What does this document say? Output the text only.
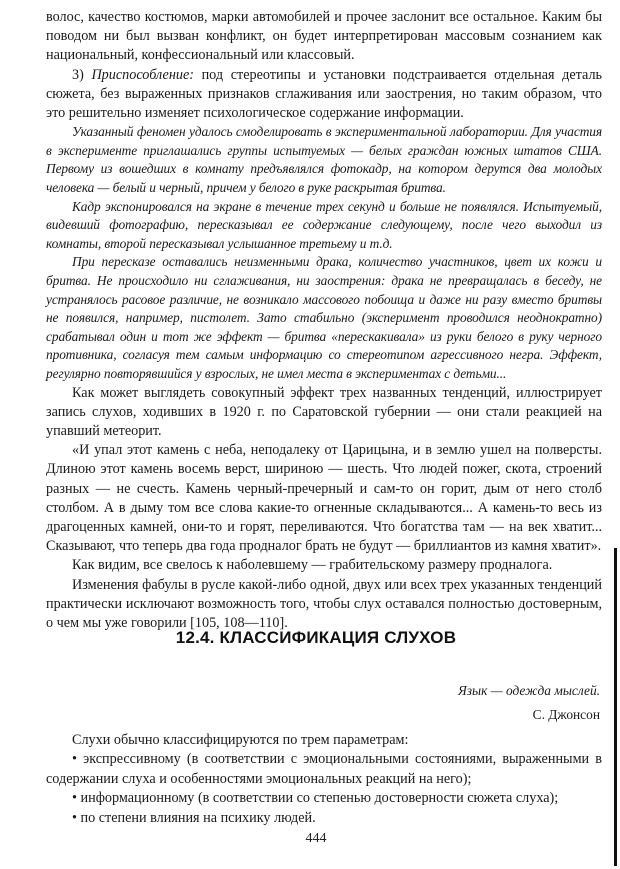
волос, качество костюмов, марки автомобилей и прочее заслонит все остальное. Каким бы поводом ни был вызван конфликт, он будет интерпретирован массовым сознанием как национальный, конфессиональный или классовый.

3) Приспособление: под стереотипы и установки подстраивается отдельная деталь сюжета, без выраженных признаков сглаживания или заострения, но таким образом, что это решительно изменяет психологическое содержание информации.

Указанный феномен удалось смоделировать в экспериментальной лаборатории. Для участия в эксперименте приглашались группы испытуемых — белых граждан южных штатов США. Первому из вошедших в комнату предъявлялся фотокадр, на котором дерутся два молодых человека — белый и черный, причем у белого в руке раскрытая бритва.

Кадр экспонировался на экране в течение трех секунд и больше не появлялся. Испытуемый, видевший фотографию, пересказывал ее содержание следующему, после чего выходил из комнаты, второй пересказывал услышанное третьему и т.д.

При пересказе оставались неизменными драка, количество участников, цвет их кожи и бритва. Не происходило ни сглаживания, ни заострения: драка не превращалась в беседу, не устранялось расовое различие, не возникало массового побоища и даже ни разу вместо бритвы не появился, например, пистолет. Зато стабильно (эксперимент проводился неоднократно) срабатывал один и тот же эффект — бритва «перескакивала» из руки белого в руку черного противника, согласуя тем самым информацию со стереотипом агрессивного негра. Эффект, регулярно повторявшийся у взрослых, не имел места в экспериментах с детьми...

Как может выглядеть совокупный эффект трех названных тенденций, иллюстрирует запись слухов, ходивших в 1920 г. по Саратовской губернии — они стали реакцией на упавший метеорит.

«И упал этот камень с неба, неподалеку от Царицына, и в землю ушел на полверсты. Длиною этот камень восемь верст, шириною — шесть. Что людей пожег, скота, строений разных — не счесть. Камень черный-пречерный и сам-то он горит, дым от него столб столбом. А в дыму том все слова какие-то огненные складываются... А камень-то весь из драгоценных камней, они-то и горят, переливаются. Что богатства там — на век хватит... Сказывают, что теперь два года продналог брать не будут — бриллиантов из камня хватит».

Как видим, все свелось к наболевшему — грабительскому размеру продналога.

Изменения фабулы в русле какой-либо одной, двух или всех трех указанных тенденций практически исключают возможность того, чтобы слух оставался полностью достоверным, о чем мы уже говорили [105, 108—110].

12.4. КЛАССИФИКАЦИЯ СЛУХОВ

Язык — одежда мыслей.

С. Джонсон

Слухи обычно классифицируются по трем параметрам:

• экспрессивному (в соответствии с эмоциональными состояниями, выраженными в содержании слуха и особенностями эмоциональных реакций на него);

• информационному (в соответствии со степенью достоверности сюжета слуха);

• по степени влияния на психику людей.

444
